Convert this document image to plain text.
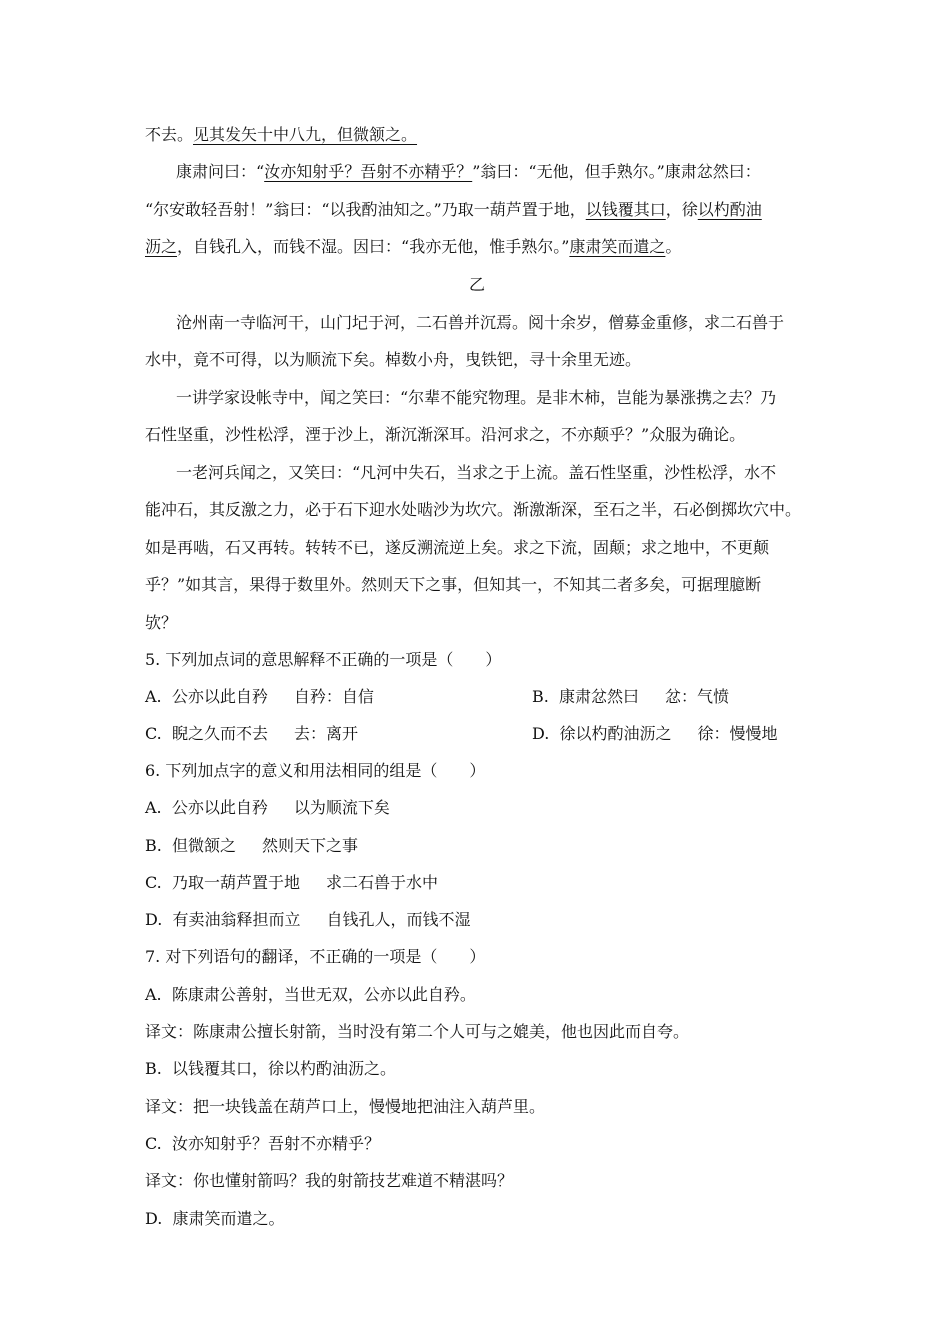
不去。见其发矢十中八九，但微颔之。
康肃问曰：“汝亦知射乎？吾射不亦精乎？”翁曰：“无他，但手熟尔。”康肃忿然曰：
“尔安敢轻吾射！”翁曰：“以我酌油知之。”乃取一葫芦置于地，以钱覆其口，徐以杓酌油
沥之，自钱孔入，而钱不湿。因曰：“我亦无他，惟手熟尔。”康肃笑而遣之。
乙
沧州南一寺临河干，山门圮于河，二石兽并沉焉。阅十余岁，僧募金重修，求二石兽于
水中，竟不可得，以为顺流下矣。棹数小舟，曳铁钯，寻十余里无迹。
一讲学家设帐寺中，闻之笑曰：“尔辈不能究物理。是非木柿，岂能为暴涨携之去？乃
石性坚重，沙性松浮，湮于沙上，渐沉渐深耳。沿河求之，不亦颠乎？”众服为确论。
一老河兵闻之，又笑曰：“凡河中失石，当求之于上流。盖石性坚重，沙性松浮，水不
能冲石，其反激之力，必于石下迎水处啮沙为坎穴。渐激渐深，至石之半，石必倒掷坎穴中。
如是再啮，石又再转。转转不已，遂反溯流逆上矣。求之下流，固颠；求之地中，不更颠
乎？”如其言，果得于数里外。然则天下之事，但知其一，不知其二者多矣，可据理臆断
欤？
5. 下列加点词的意思解释不正确的一项是（　　）
A. 公亦以此自矜 自矜：自信	B. 康肃忿然曰 忿：气愤
C. 睨之久而不去 去：离开	D. 徐以杓酌油沥之 徐：慢慢地
6. 下列加点字的意义和用法相同的组是（　　）
A. 公亦以此自矜 以为顺流下矣
B. 但微颔之 然则天下之事
C. 乃取一葫芦置于地 求二石兽于水中
D. 有卖油翁释担而立 自钱孔人，而钱不湿
7. 对下列语句的翻译，不正确的一项是（　　）
A. 陈康肃公善射，当世无双，公亦以此自矜。
译文：陈康肃公擅长射箭，当时没有第二个人可与之媲美，他也因此而自夸。
B. 以钱覆其口，徐以杓酌油沥之。
译文：把一块钱盖在葫芦口上，慢慢地把油注入葫芦里。
C. 汝亦知射乎？吾射不亦精乎？
译文：你也懂射箭吗？我的射箭技艺难道不精湛吗？
D. 康肃笑而遣之。
